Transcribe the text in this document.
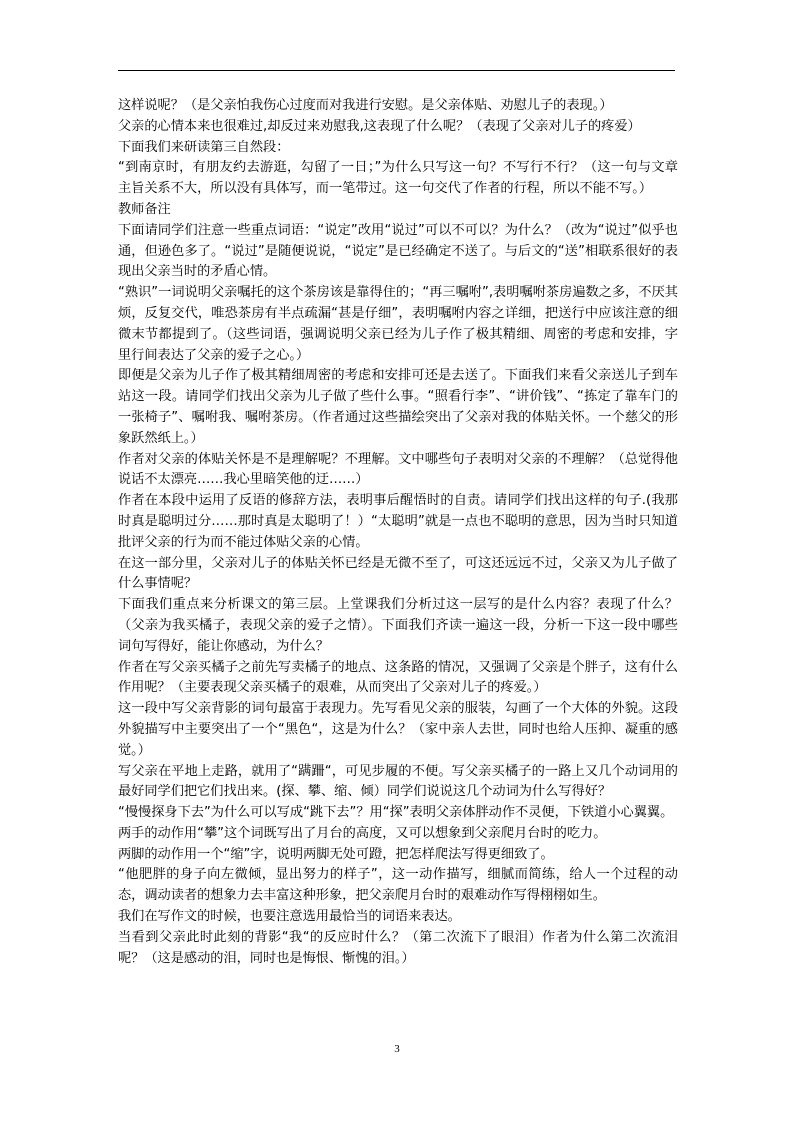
这样说呢？（是父亲怕我伤心过度而对我进行安慰。是父亲体贴、劝慰儿子的表现。）

父亲的心情本来也很难过,却反过来劝慰我,这表现了什么呢？（表现了父亲对儿子的疼爱）

下面我们来研读第三自然段：

“到南京时，有朋友约去游逛，勾留了一日；”为什么只写这一句？不写行不行？（这一句与文章主旨关系不大，所以没有具体写，而一笔带过。这一句交代了作者的行程，所以不能不写。）

教师备注

下面请同学们注意一些重点词语：“说定”改用“说过”可以不可以？为什么？（改为“说过”似乎也通，但逊色多了。“说过”是随便说说，“说定”是已经确定不送了。与后文的“送”相联系很好的表现出父亲当时的矛盾心情。

“熟识”一词说明父亲嘱托的这个茶房该是靠得住的；“再三嘱咐”,表明嘱咐茶房遍数之多，不厌其烦，反复交代，唯恐茶房有半点疏漏“甚是仔细”，表明嘱咐内容之详细，把送行中应该注意的细微末节都提到了。（这些词语，强调说明父亲已经为儿子作了极其精细、周密的考虑和安排，字里行间表达了父亲的爱子之心。）

即便是父亲为儿子作了极其精细周密的考虑和安排可还是去送了。下面我们来看父亲送儿子到车站这一段。请同学们找出父亲为儿子做了些什么事。“照看行李”、“讲价钱”、“拣定了靠车门的一张椅子”、嘱咐我、嘱咐茶房。（作者通过这些描绘突出了父亲对我的体贴关怀。一个慈父的形象跃然纸上。）

作者对父亲的体贴关怀是不是理解呢？不理解。文中哪些句子表明对父亲的不理解？（总觉得他说话不太漂亮……我心里暗笑他的迂……）

作者在本段中运用了反语的修辞方法，表明事后醒悟时的自责。请同学们找出这样的句子.(我那时真是聪明过分……那时真是太聪明了！）“太聪明”就是一点也不聪明的意思，因为当时只知道批评父亲的行为而不能过体贴父亲的心情。

在这一部分里，父亲对儿子的体贴关怀已经是无微不至了，可这还远远不过，父亲又为儿子做了什么事情呢？

下面我们重点来分析课文的第三层。上堂课我们分析过这一层写的是什么内容？表现了什么？（父亲为我买橘子，表现父亲的爱子之情）。下面我们齐读一遍这一段，分析一下这一段中哪些词句写得好，能让你感动，为什么？

作者在写父亲买橘子之前先写卖橘子的地点、这条路的情况，又强调了父亲是个胖子，这有什么作用呢？（主要表现父亲买橘子的艰难，从而突出了父亲对儿子的疼爱。）

这一段中写父亲背影的词句最富于表现力。先写看见父亲的服装，勾画了一个大体的外貌。这段外貌描写中主要突出了一个“黑色“，这是为什么？（家中亲人去世，同时也给人压抑、凝重的感觉。）

写父亲在平地上走路，就用了“蹒跚“，可见步履的不便。写父亲买橘子的一路上又几个动词用的最好同学们把它们找出来。(探、攀、缩、倾）同学们说说这几个动词为什么写得好？

“慢慢探身下去”为什么可以写成“跳下去”？用“探”表明父亲体胖动作不灵便，下铁道小心翼翼。

两手的动作用“攀”这个词既写出了月台的高度，又可以想象到父亲爬月台时的吃力。

两脚的动作用一个“缩”字，说明两脚无处可蹬，把怎样爬法写得更细致了。

“他肥胖的身子向左微倾，显出努力的样子”，这一动作描写，细腻而简练，给人一个过程的动态，调动读者的想象力去丰富这种形象，把父亲爬月台时的艰难动作写得栩栩如生。

我们在写作文的时候，也要注意选用最恰当的词语来表达。

当看到父亲此时此刻的背影“我“的反应时什么？（第二次流下了眼泪）作者为什么第二次流泪呢？（这是感动的泪，同时也是悔恨、惭愧的泪。）

3
